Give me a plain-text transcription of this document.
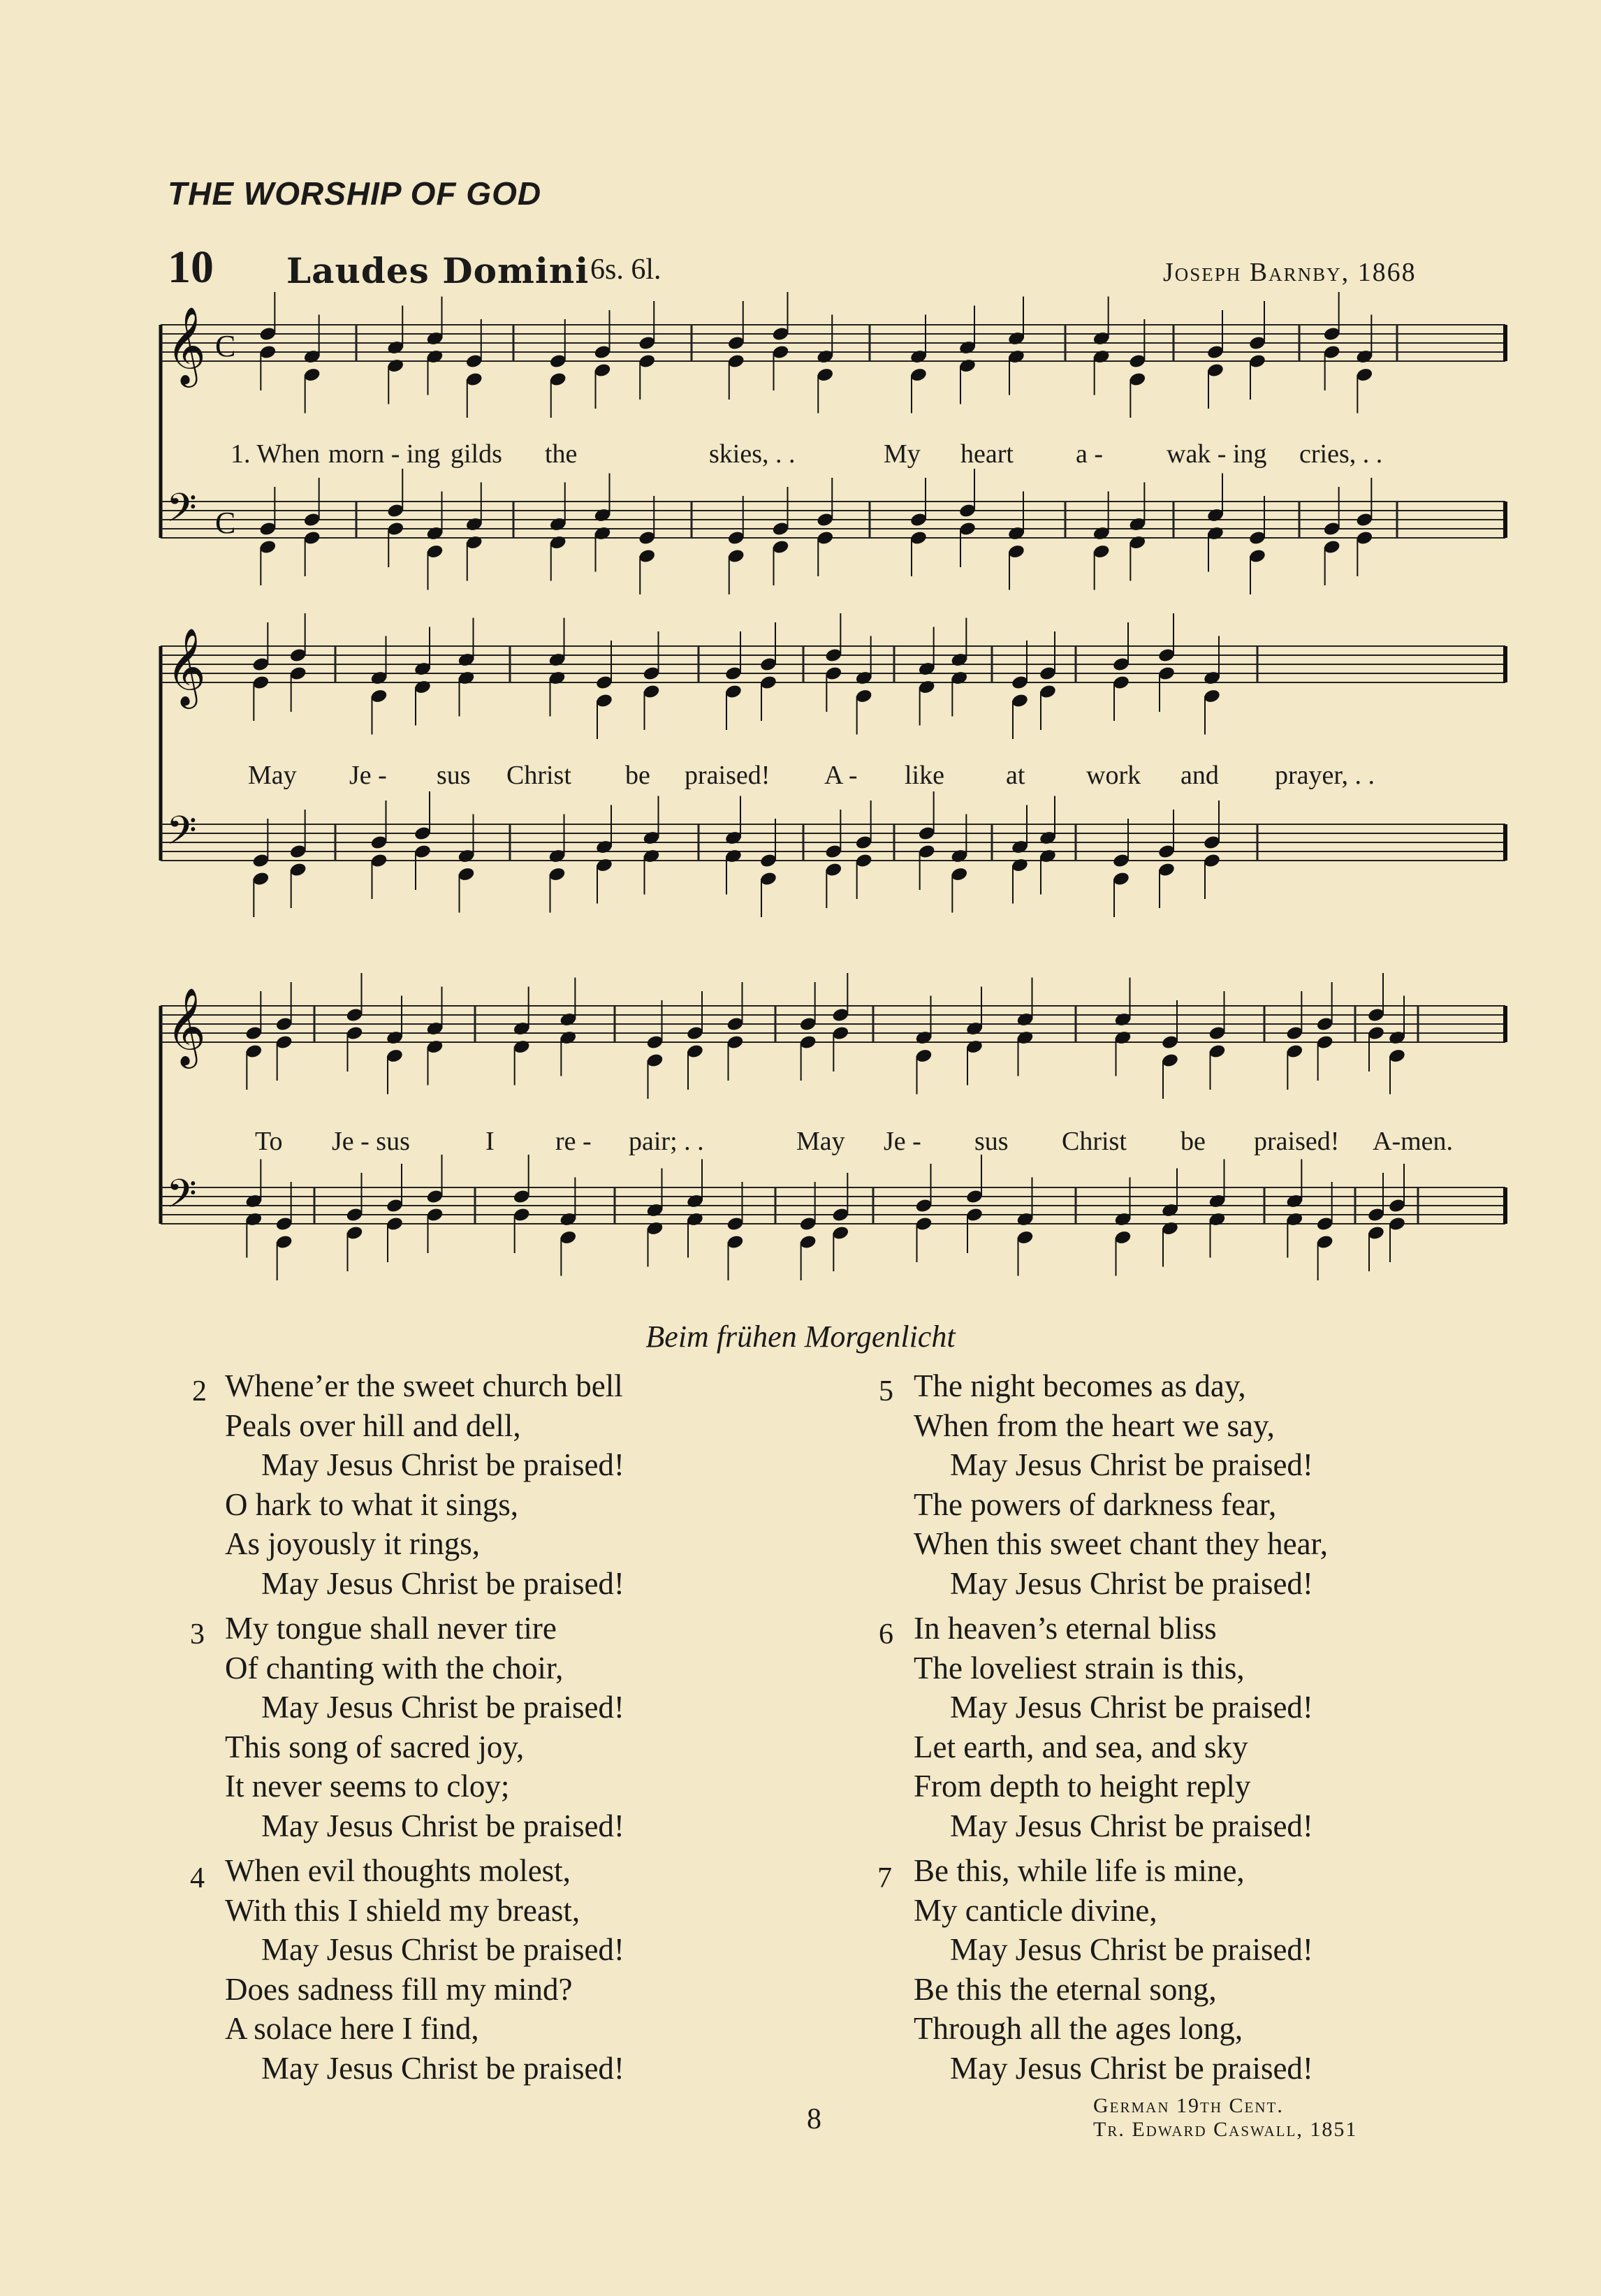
THE WORSHIP OF GOD
10 Laudes Domini 6s. 6l.	Joseph Barnby, 1868
𝄞 C
𝄢 C
𝄞
𝄢
𝄞
𝄢
1. When morn - ing gilds the	skies, . .	My heart a - wak - ing cries, . .
May Je - sus Christ be praised! A - like at work and prayer, . .
To Je - sus	I re - pair; . .	May Je - sus Christ be praised! A-men.
Beim frühen Morgenlicht
2 Whene’er the sweet church bell
Peals over hill and dell,
May Jesus Christ be praised!
O hark to what it sings,
As joyously it rings,
May Jesus Christ be praised!
3 My tongue shall never tire
Of chanting with the choir,
May Jesus Christ be praised!
This song of sacred joy,
It never seems to cloy;
May Jesus Christ be praised!
4 When evil thoughts molest,
With this I shield my breast,
May Jesus Christ be praised!
Does sadness fill my mind?
A solace here I find,
May Jesus Christ be praised!
5 The night becomes as day,
When from the heart we say,
May Jesus Christ be praised!
The powers of darkness fear,
When this sweet chant they hear,
May Jesus Christ be praised!
6 In heaven’s eternal bliss
The loveliest strain is this,
May Jesus Christ be praised!
Let earth, and sea, and sky
From depth to height reply
May Jesus Christ be praised!
7 Be this, while life is mine,
My canticle divine,
May Jesus Christ be praised!
Be this the eternal song,
Through all the ages long,
May Jesus Christ be praised!
8	German 19th Cent.
Tr. Edward Caswall, 1851
